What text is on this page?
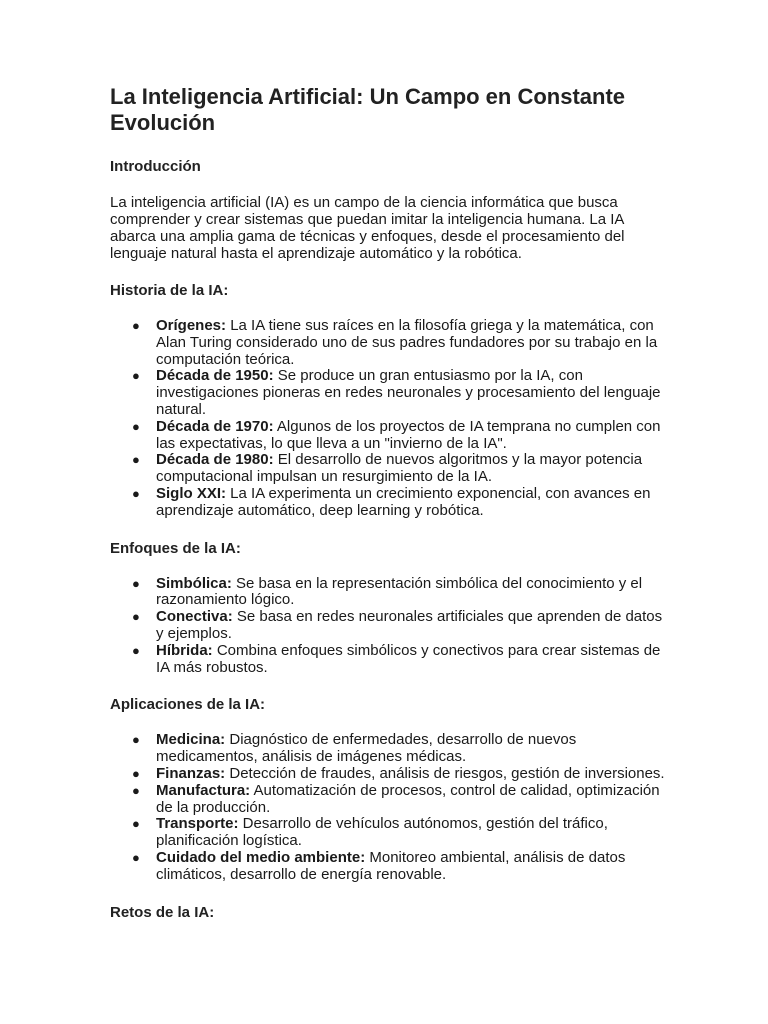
La Inteligencia Artificial: Un Campo en Constante Evolución
Introducción

La inteligencia artificial (IA) es un campo de la ciencia informática que busca comprender y crear sistemas que puedan imitar la inteligencia humana. La IA abarca una amplia gama de técnicas y enfoques, desde el procesamiento del lenguaje natural hasta el aprendizaje automático y la robótica.

Historia de la IA:
● Orígenes: La IA tiene sus raíces en la filosofía griega y la matemática, con Alan Turing considerado uno de sus padres fundadores por su trabajo en la computación teórica.
● Década de 1950: Se produce un gran entusiasmo por la IA, con investigaciones pioneras en redes neuronales y procesamiento del lenguaje natural.
● Década de 1970: Algunos de los proyectos de IA temprana no cumplen con las expectativas, lo que lleva a un "invierno de la IA".
● Década de 1980: El desarrollo de nuevos algoritmos y la mayor potencia computacional impulsan un resurgimiento de la IA.
● Siglo XXI: La IA experimenta un crecimiento exponencial, con avances en aprendizaje automático, deep learning y robótica.
Enfoques de la IA:
● Simbólica: Se basa en la representación simbólica del conocimiento y el razonamiento lógico.
● Conectiva: Se basa en redes neuronales artificiales que aprenden de datos y ejemplos.
● Híbrida: Combina enfoques simbólicos y conectivos para crear sistemas de IA más robustos.
Aplicaciones de la IA:
● Medicina: Diagnóstico de enfermedades, desarrollo de nuevos medicamentos, análisis de imágenes médicas.
● Finanzas: Detección de fraudes, análisis de riesgos, gestión de inversiones.
● Manufactura: Automatización de procesos, control de calidad, optimización de la producción.
● Transporte: Desarrollo de vehículos autónomos, gestión del tráfico, planificación logística.
● Cuidado del medio ambiente: Monitoreo ambiental, análisis de datos climáticos, desarrollo de energía renovable.
Retos de la IA:
